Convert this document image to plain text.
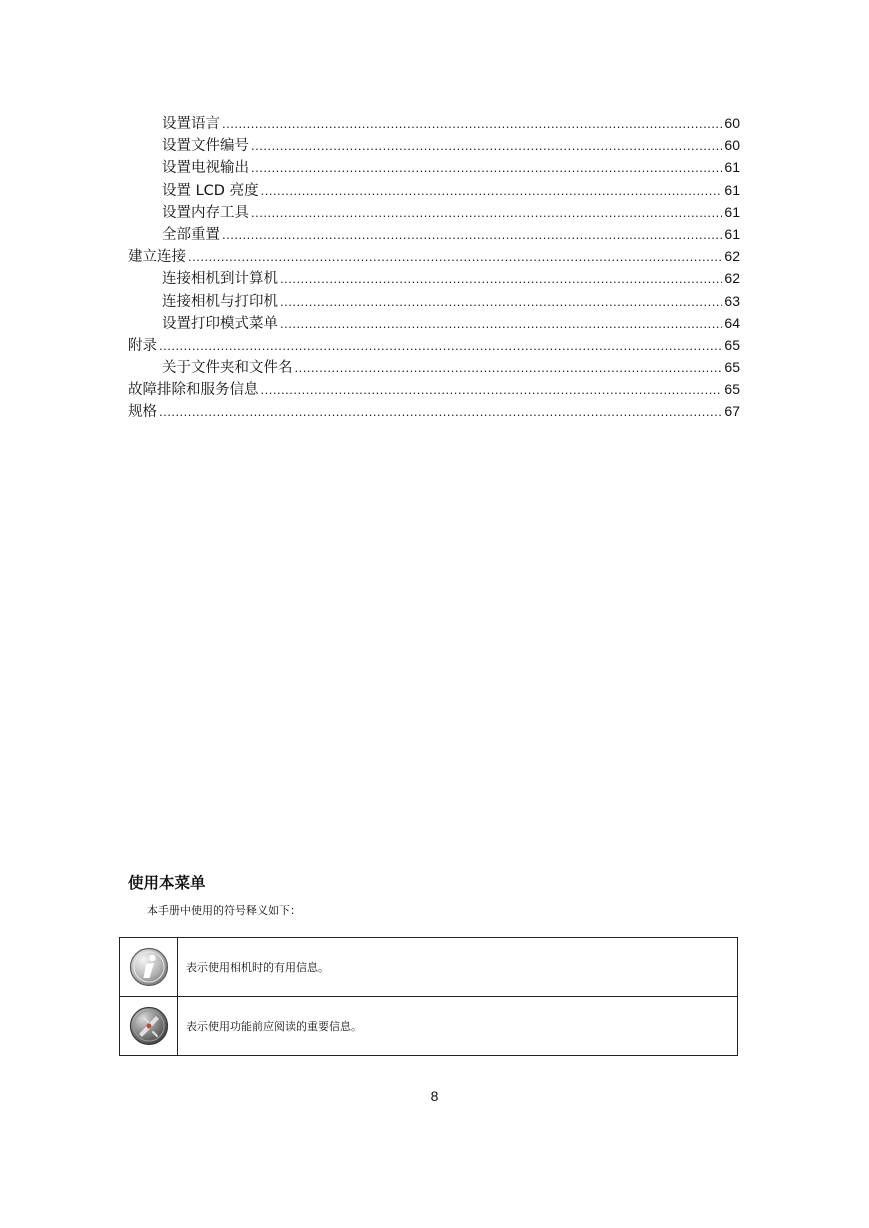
设置语言 .....	60
设置文件编号 .....	60
设置电视输出 .....	61
设置 LCD 亮度 .....	61
设置内存工具 .....	61
全部重置 .....	61
建立连接 .....	62
连接相机到计算机 .....	62
连接相机与打印机 .....	63
设置打印模式菜单 .....	64
附录 .....	65
关于文件夹和文件名 .....	65
故障排除和服务信息 .....	65
规格 .....	67
使用本菜单
本手册中使用的符号释义如下：
	表示使用相机时的有用信息。
	表示使用功能前应阅读的重要信息。
8
